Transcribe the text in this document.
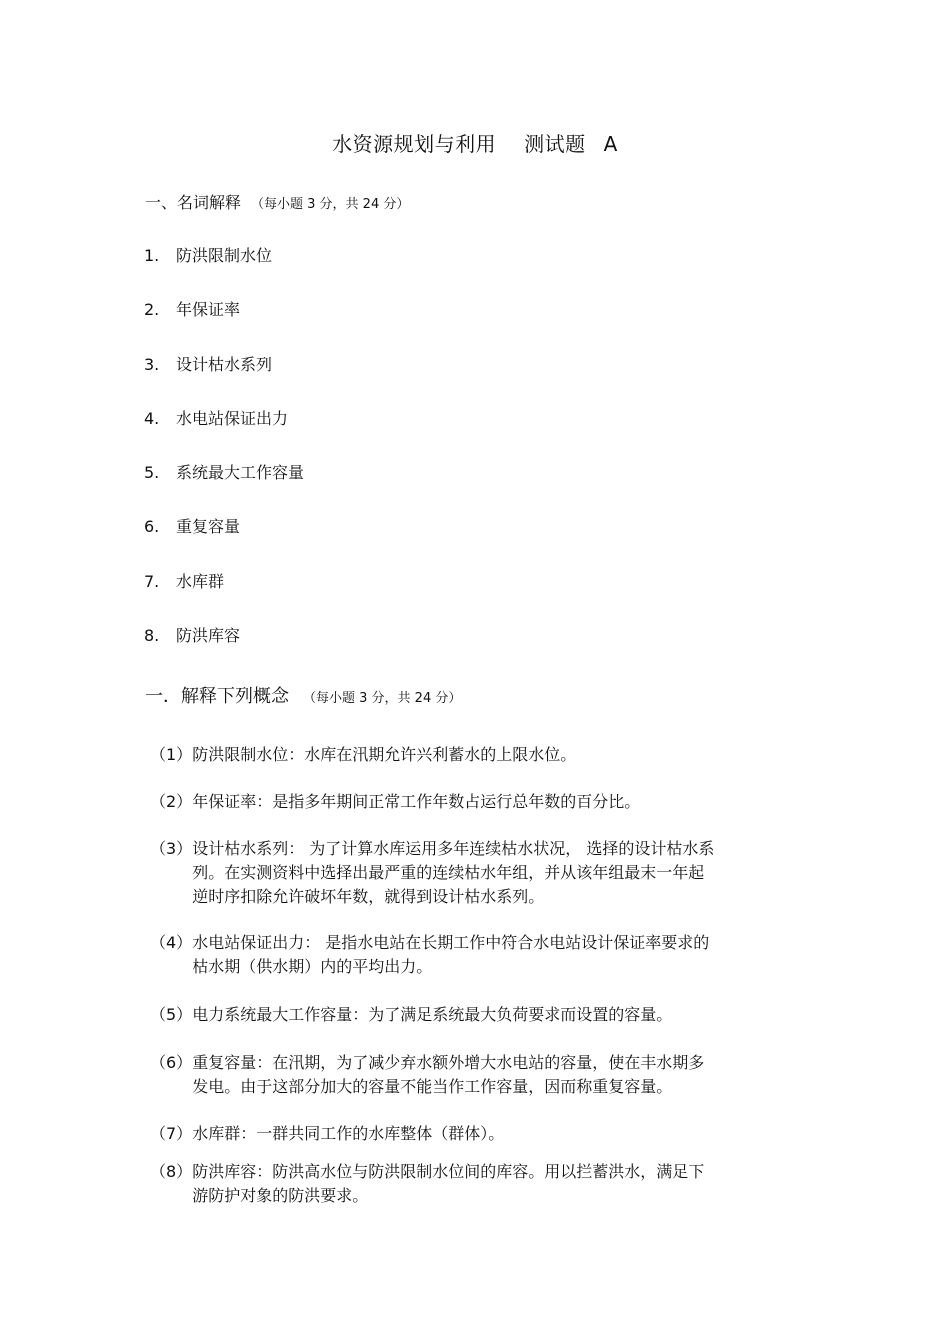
水资源规划与利用 测试题 A
一、名词解释 （每小题 3 分，共 24 分）
1.	防洪限制水位
2.	年保证率
3.	设计枯水系列
4.	水电站保证出力
5.	系统最大工作容量
6.	重复容量
7.	水库群
8.	防洪库容
一．解释下列概念 （每小题 3 分，共 24 分）
（1） 防洪限制水位：水库在汛期允许兴利蓄水的上限水位。
（2） 年保证率：是指多年期间正常工作年数占运行总年数的百分比。
（3） 设计枯水系列： 为了计算水库运用多年连续枯水状况， 选择的设计枯水系
列。在实测资料中选择出最严重的连续枯水年组，并从该年组最末一年起
逆时序扣除允许破坏年数，就得到设计枯水系列。
（4） 水电站保证出力： 是指水电站在长期工作中符合水电站设计保证率要求的
枯水期（供水期）内的平均出力。
（5） 电力系统最大工作容量：为了满足系统最大负荷要求而设置的容量。
（6） 重复容量：在汛期，为了减少弃水额外增大水电站的容量，使在丰水期多
发电。由于这部分加大的容量不能当作工作容量，因而称重复容量。
（7） 水库群：一群共同工作的水库整体（群体）。
（8） 防洪库容：防洪高水位与防洪限制水位间的库容。用以拦蓄洪水，满足下
游防护对象的防洪要求。
